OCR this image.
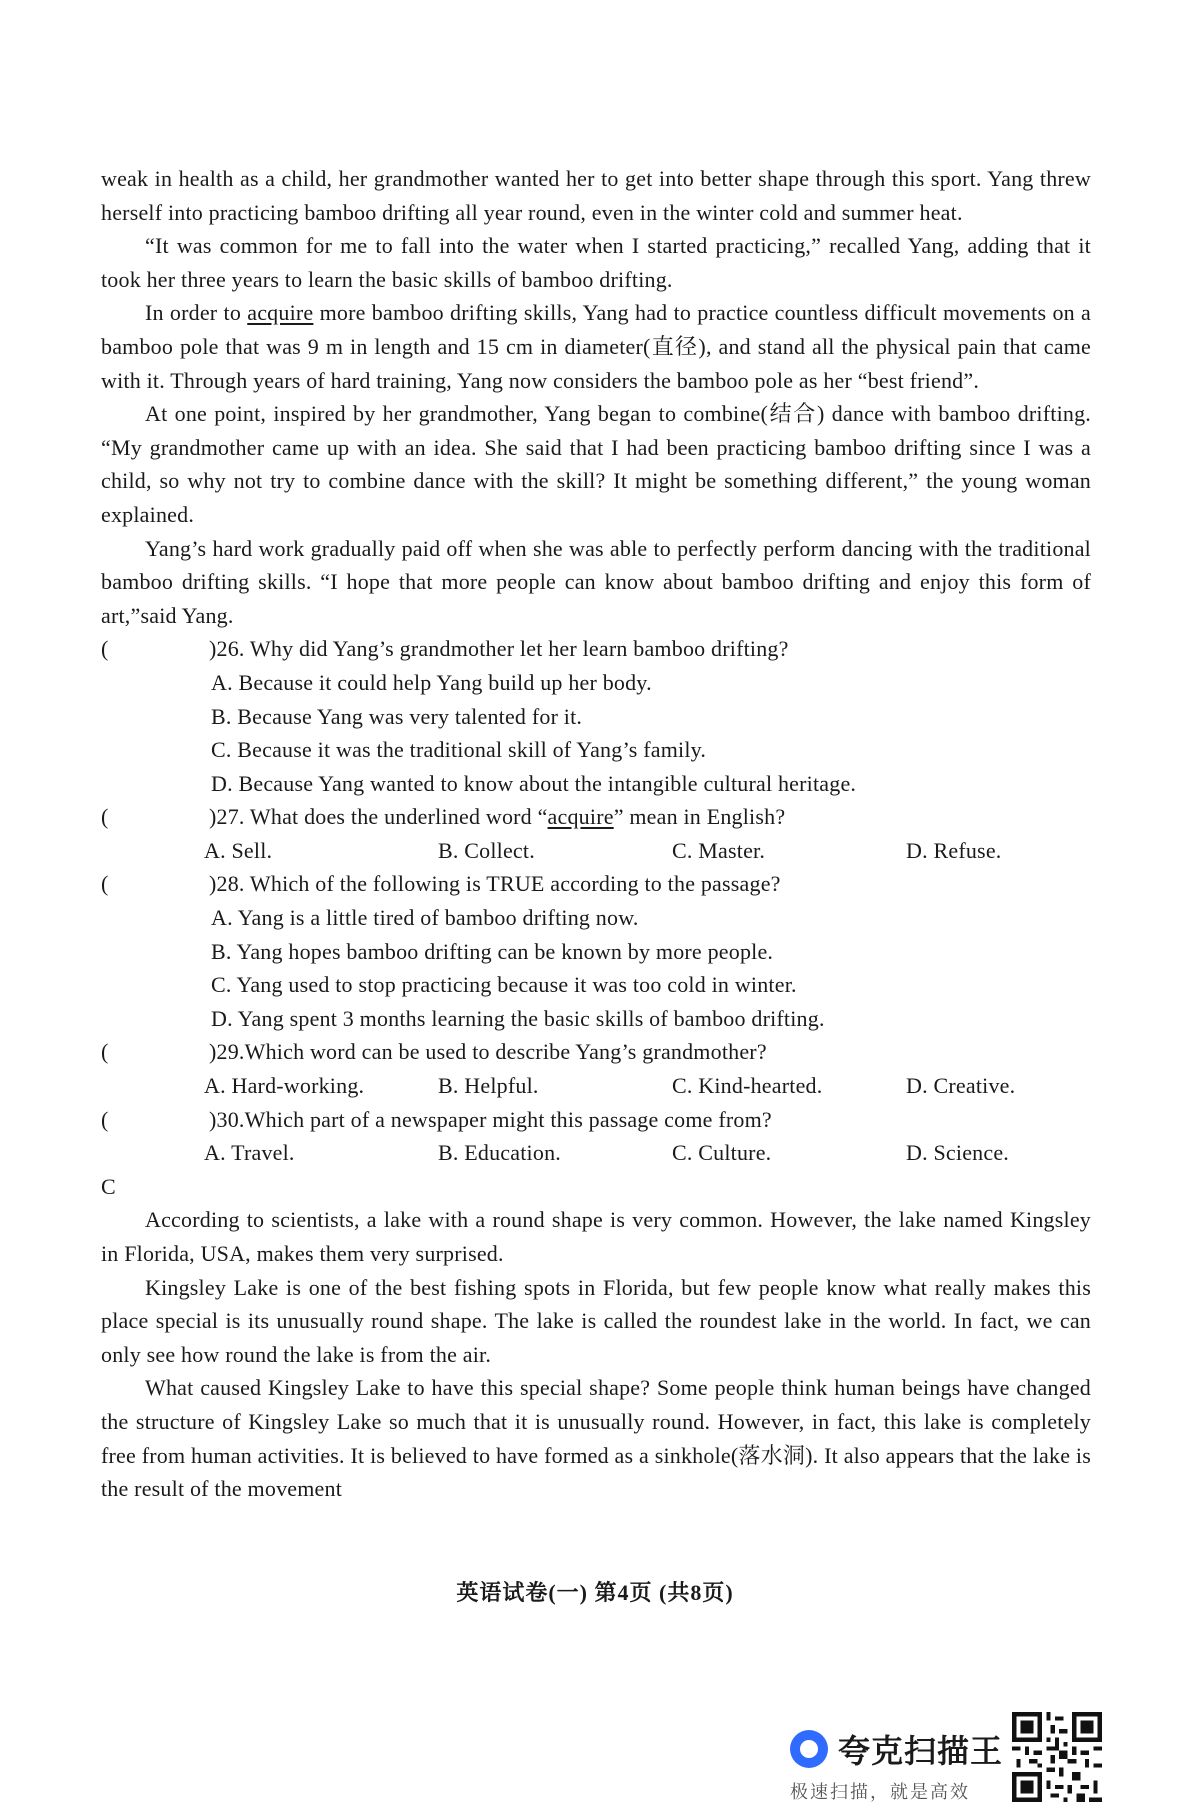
weak in health as a child, her grandmother wanted her to get into better shape through this sport. Yang threw herself into practicing bamboo drifting all year round, even in the winter cold and summer heat.

“It was common for me to fall into the water when I started practicing,” recalled Yang, adding that it took her three years to learn the basic skills of bamboo drifting.

In order to acquire more bamboo drifting skills, Yang had to practice countless difficult movements on a bamboo pole that was 9 m in length and 15 cm in diameter(直径), and stand all the physical pain that came with it. Through years of hard training, Yang now considers the bamboo pole as her “best friend”.

At one point, inspired by her grandmother, Yang began to combine(结合) dance with bamboo drifting. “My grandmother came up with an idea. She said that I had been practicing bamboo drifting since I was a child, so why not try to combine dance with the skill? It might be something different,” the young woman explained.

Yang’s hard work gradually paid off when she was able to perfectly perform dancing with the traditional bamboo drifting skills. “I hope that more people can know about bamboo drifting and enjoy this form of art,”said Yang.

(	)26. Why did Yang’s grandmother let her learn bamboo drifting?

A. Because it could help Yang build up her body.

B. Because Yang was very talented for it.

C. Because it was the traditional skill of Yang’s family.

D. Because Yang wanted to know about the intangible cultural heritage.

(	)27. What does the underlined word “acquire” mean in English?

A. Sell.	B. Collect.	C. Master.	D. Refuse.

(	)28. Which of the following is TRUE according to the passage?

A. Yang is a little tired of bamboo drifting now.

B. Yang hopes bamboo drifting can be known by more people.

C. Yang used to stop practicing because it was too cold in winter.

D. Yang spent 3 months learning the basic skills of bamboo drifting.

(	)29.Which word can be used to describe Yang’s grandmother?

A. Hard-working.	B. Helpful.	C. Kind-hearted.	D. Creative.

(	)30.Which part of a newspaper might this passage come from?

A. Travel.	B. Education.	C. Culture.	D. Science.

C

According to scientists, a lake with a round shape is very common. However, the lake named Kingsley in Florida, USA, makes them very surprised.

Kingsley Lake is one of the best fishing spots in Florida, but few people know what really makes this place special is its unusually round shape. The lake is called the roundest lake in the world. In fact, we can only see how round the lake is from the air.

What caused Kingsley Lake to have this special shape? Some people think human beings have changed the structure of Kingsley Lake so much that it is unusually round. However, in fact, this lake is completely free from human activities. It is believed to have formed as a sinkhole(落水洞). It also appears that the lake is the result of the movement

英语试卷(一) 第4页 (共8页)
夸克扫描王
极速扫描，就是高效
